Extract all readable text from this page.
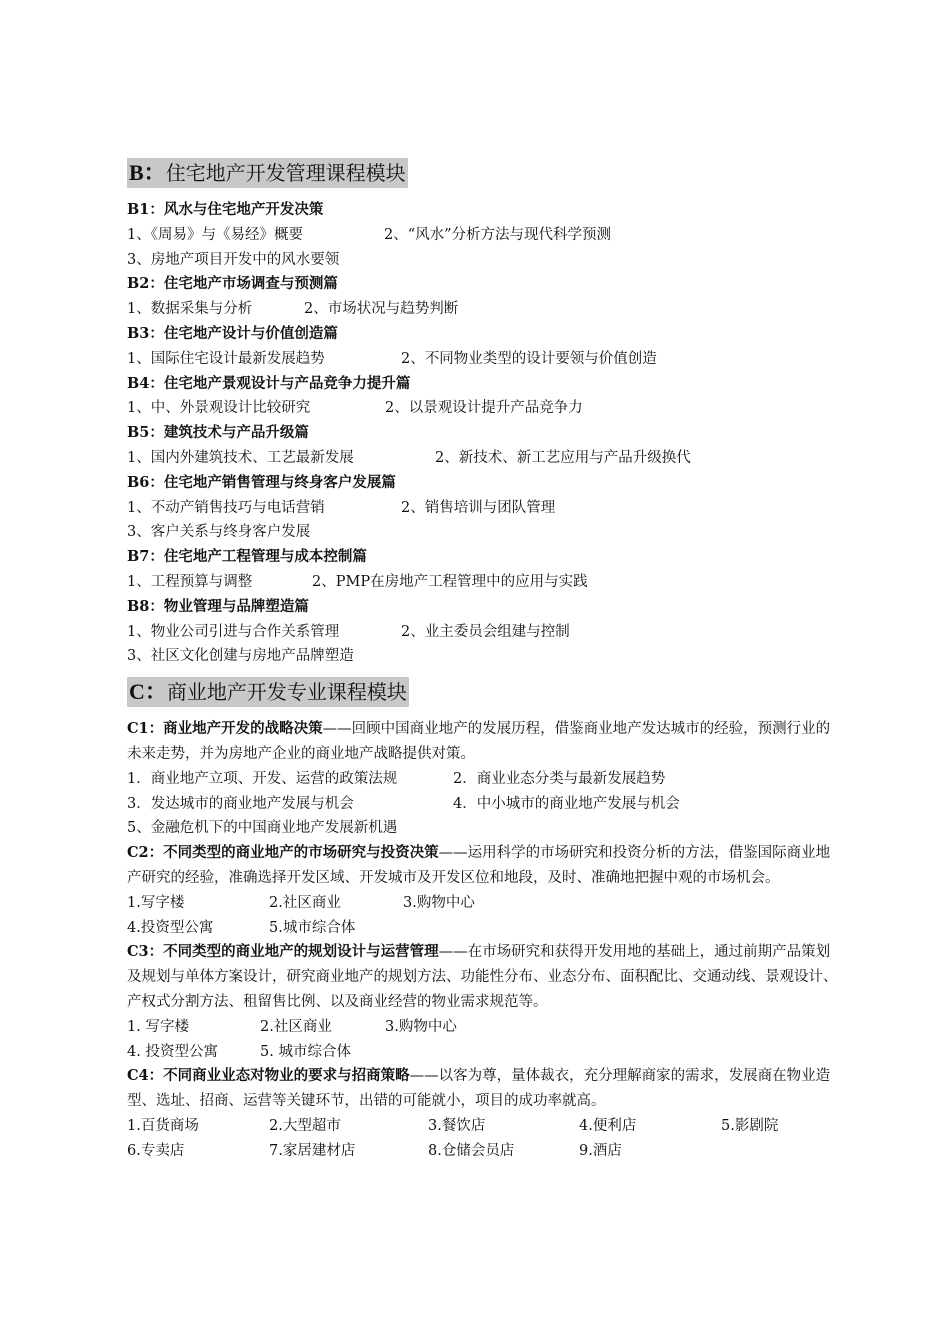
B：住宅地产开发管理课程模块
B1：风水与住宅地产开发决策
1、《周易》与《易经》概要	2、“风水”分析方法与现代科学预测
3、房地产项目开发中的风水要领
B2：住宅地产市场调查与预测篇
1、数据采集与分析	2、市场状况与趋势判断
B3：住宅地产设计与价值创造篇
1、国际住宅设计最新发展趋势	2、不同物业类型的设计要领与价值创造
B4：住宅地产景观设计与产品竞争力提升篇
1、中、外景观设计比较研究	2、以景观设计提升产品竞争力
B5：建筑技术与产品升级篇
1、国内外建筑技术、工艺最新发展	2、新技术、新工艺应用与产品升级换代
B6：住宅地产销售管理与终身客户发展篇
1、不动产销售技巧与电话营销	2、销售培训与团队管理
3、客户关系与终身客户发展
B7：住宅地产工程管理与成本控制篇
1、工程预算与调整	2、PMP在房地产工程管理中的应用与实践
B8：物业管理与品牌塑造篇
1、物业公司引进与合作关系管理	2、业主委员会组建与控制
3、社区文化创建与房地产品牌塑造
C：商业地产开发专业课程模块
C1：商业地产开发的战略决策——回顾中国商业地产的发展历程，借鉴商业地产发达城市的经验，预测行业的未来走势，并为房地产企业的商业地产战略提供对策。
1．商业地产立项、开发、运营的政策法规	2．商业业态分类与最新发展趋势
3．发达城市的商业地产发展与机会	4．中小城市的商业地产发展与机会
5、金融危机下的中国商业地产发展新机遇
C2：不同类型的商业地产的市场研究与投资决策——运用科学的市场研究和投资分析的方法，借鉴国际商业地产研究的经验，准确选择开发区域、开发城市及开发区位和地段，及时、准确地把握中观的市场机会。
1.写字楼	2.社区商业	3.购物中心
4.投资型公寓	5.城市综合体
C3：不同类型的商业地产的规划设计与运营管理——在市场研究和获得开发用地的基础上，通过前期产品策划及规划与单体方案设计，研究商业地产的规划方法、功能性分布、业态分布、面积配比、交通动线、景观设计、产权式分割方法、租留售比例、以及商业经营的物业需求规范等。
1. 写字楼	2.社区商业	3.购物中心
4. 投资型公寓	5. 城市综合体
C4：不同商业业态对物业的要求与招商策略——以客为尊，量体裁衣，充分理解商家的需求，发展商在物业造型、选址、招商、运营等关键环节，出错的可能就小，项目的成功率就高。
1.百货商场	2.大型超市	3.餐饮店	4.便利店	5.影剧院
6.专卖店	7.家居建材店	8.仓储会员店	9.酒店
